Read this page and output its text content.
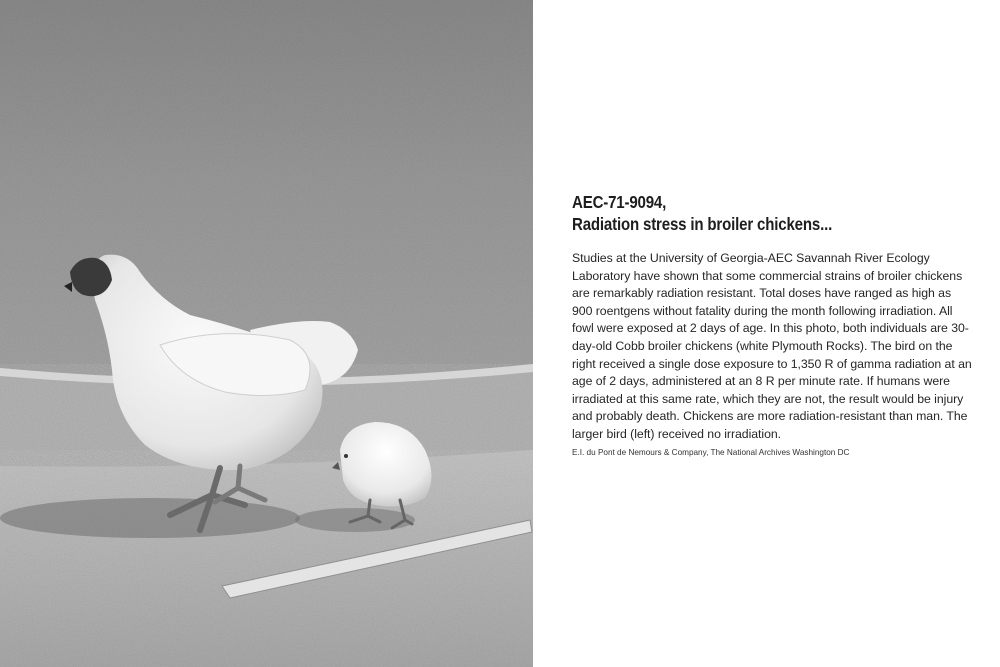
AEC-71-9094,
Radiation stress in broiler chickens...

Studies at the University of Georgia-AEC Savannah River Ecology Laboratory have shown that some commercial strains of broiler chickens are remarkably radiation resistant. Total doses have ranged as high as 900 roentgens without fatality during the month following irradiation. All fowl were exposed at 2 days of age. In this photo, both individuals are 30-day-old Cobb broiler chickens (white Plymouth Rocks). The bird on the right received a single dose exposure to 1,350 R of gamma radiation at an age of 2 days, administered at an 8 R per minute rate. If humans were irradiated at this same rate, which they are not, the result would be injury and probably death. Chickens are more radiation-resistant than man. The larger bird (left) received no irradiation.

E.I. du Pont de Nemours & Company, The National Archives Washington DC
